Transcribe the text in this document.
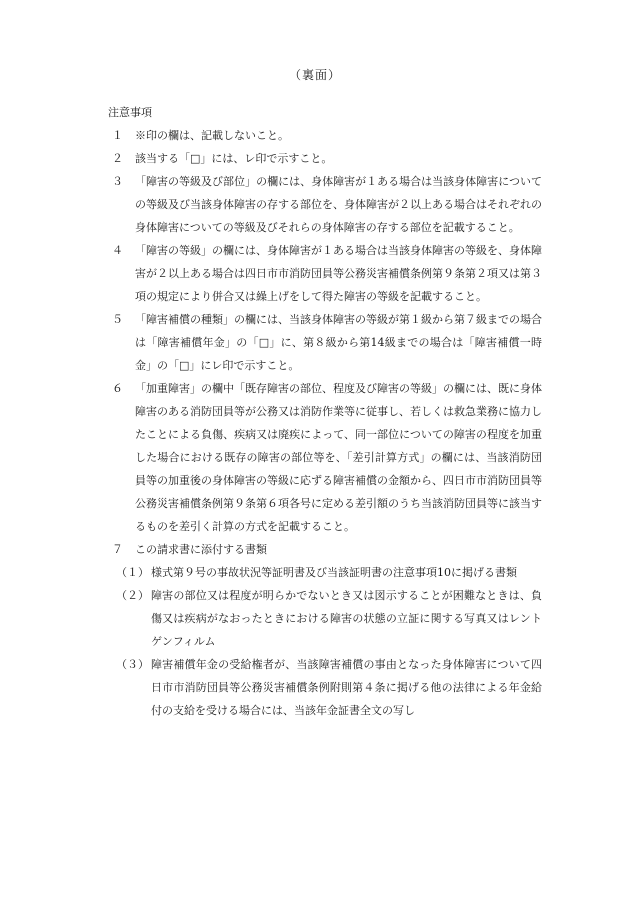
（裏面）
注意事項
１	※印の欄は、記載しないこと。
２	該当する「□」には、レ印で示すこと。
３	「障害の等級及び部位」の欄には、身体障害が１ある場合は当該身体障害についての等級及び当該身体障害の存する部位を、身体障害が２以上ある場合はそれぞれの身体障害についての等級及びそれらの身体障害の存する部位を記載すること。
４	「障害の等級」の欄には、身体障害が１ある場合は当該身体障害の等級を、身体障害が２以上ある場合は四日市市消防団員等公務災害補償条例第９条第２項又は第３項の規定により併合又は繰上げをして得た障害の等級を記載すること。
５	「障害補償の種類」の欄には、当該身体障害の等級が第１級から第７級までの場合は「障害補償年金」の「□」に、第８級から第14級までの場合は「障害補償一時金」の「□」にレ印で示すこと。
６	「加重障害」の欄中「既存障害の部位、程度及び障害の等級」の欄には、既に身体障害のある消防団員等が公務又は消防作業等に従事し、若しくは救急業務に協力したことによる負傷、疾病又は廃疾によって、同一部位についての障害の程度を加重した場合における既存の障害の部位等を、「差引計算方式」の欄には、当該消防団員等の加重後の身体障害の等級に応ずる障害補償の金額から、四日市市消防団員等公務災害補償条例第９条第６項各号に定める差引額のうち当該消防団員等に該当するものを差引く計算の方式を記載すること。
７	この請求書に添付する書類
（１） 様式第９号の事故状況等証明書及び当該証明書の注意事項10に掲げる書類
（２） 障害の部位又は程度が明らかでないとき又は図示することが困難なときは、負傷又は疾病がなおったときにおける障害の状態の立証に関する写真又はレントゲンフィルム
（３） 障害補償年金の受給権者が、当該障害補償の事由となった身体障害について四日市市消防団員等公務災害補償条例附則第４条に掲げる他の法律による年金給付の支給を受ける場合には、当該年金証書全文の写し
